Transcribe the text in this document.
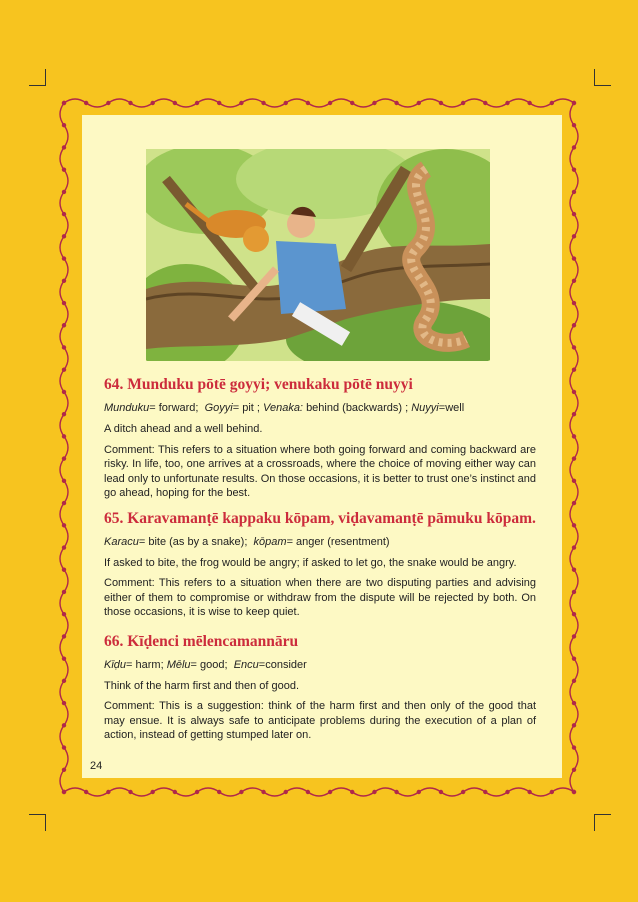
64. Munduku pōtē goyyi; venukaku pōtē nuyyi

Munduku= forward; Goyyi= pit ; Venaka: behind (backwards) ; Nuyyi=well

A ditch ahead and a well behind.

Comment: This refers to a situation where both going forward and coming backward are risky. In life, too, one arrives at a crossroads, where the choice of moving either way can lead only to unfortunate results. On those occasions, it is better to trust one’s instinct and go ahead, hoping for the best.

65. Karavamanṭē kappaku kōpam, viḍavamanṭē pāmuku kōpam.

Karacu= bite (as by a snake); kōpam= anger (resentment)

If asked to bite, the frog would be angry; if asked to let go, the snake would be angry.

Comment: This refers to a situation when there are two disputing parties and advising either of them to compromise or withdraw from the dispute will be rejected by both. On those occasions, it is wise to keep quiet.

66. Kīḍenci mēlencamannāru

Kīḍu= harm; Mēlu= good; Encu=consider

Think of the harm first and then of good.

Comment: This is a suggestion: think of the harm first and then only of the good that may ensue. It is always safe to anticipate problems during the execution of a plan of action, instead of getting stumped later on.

24
